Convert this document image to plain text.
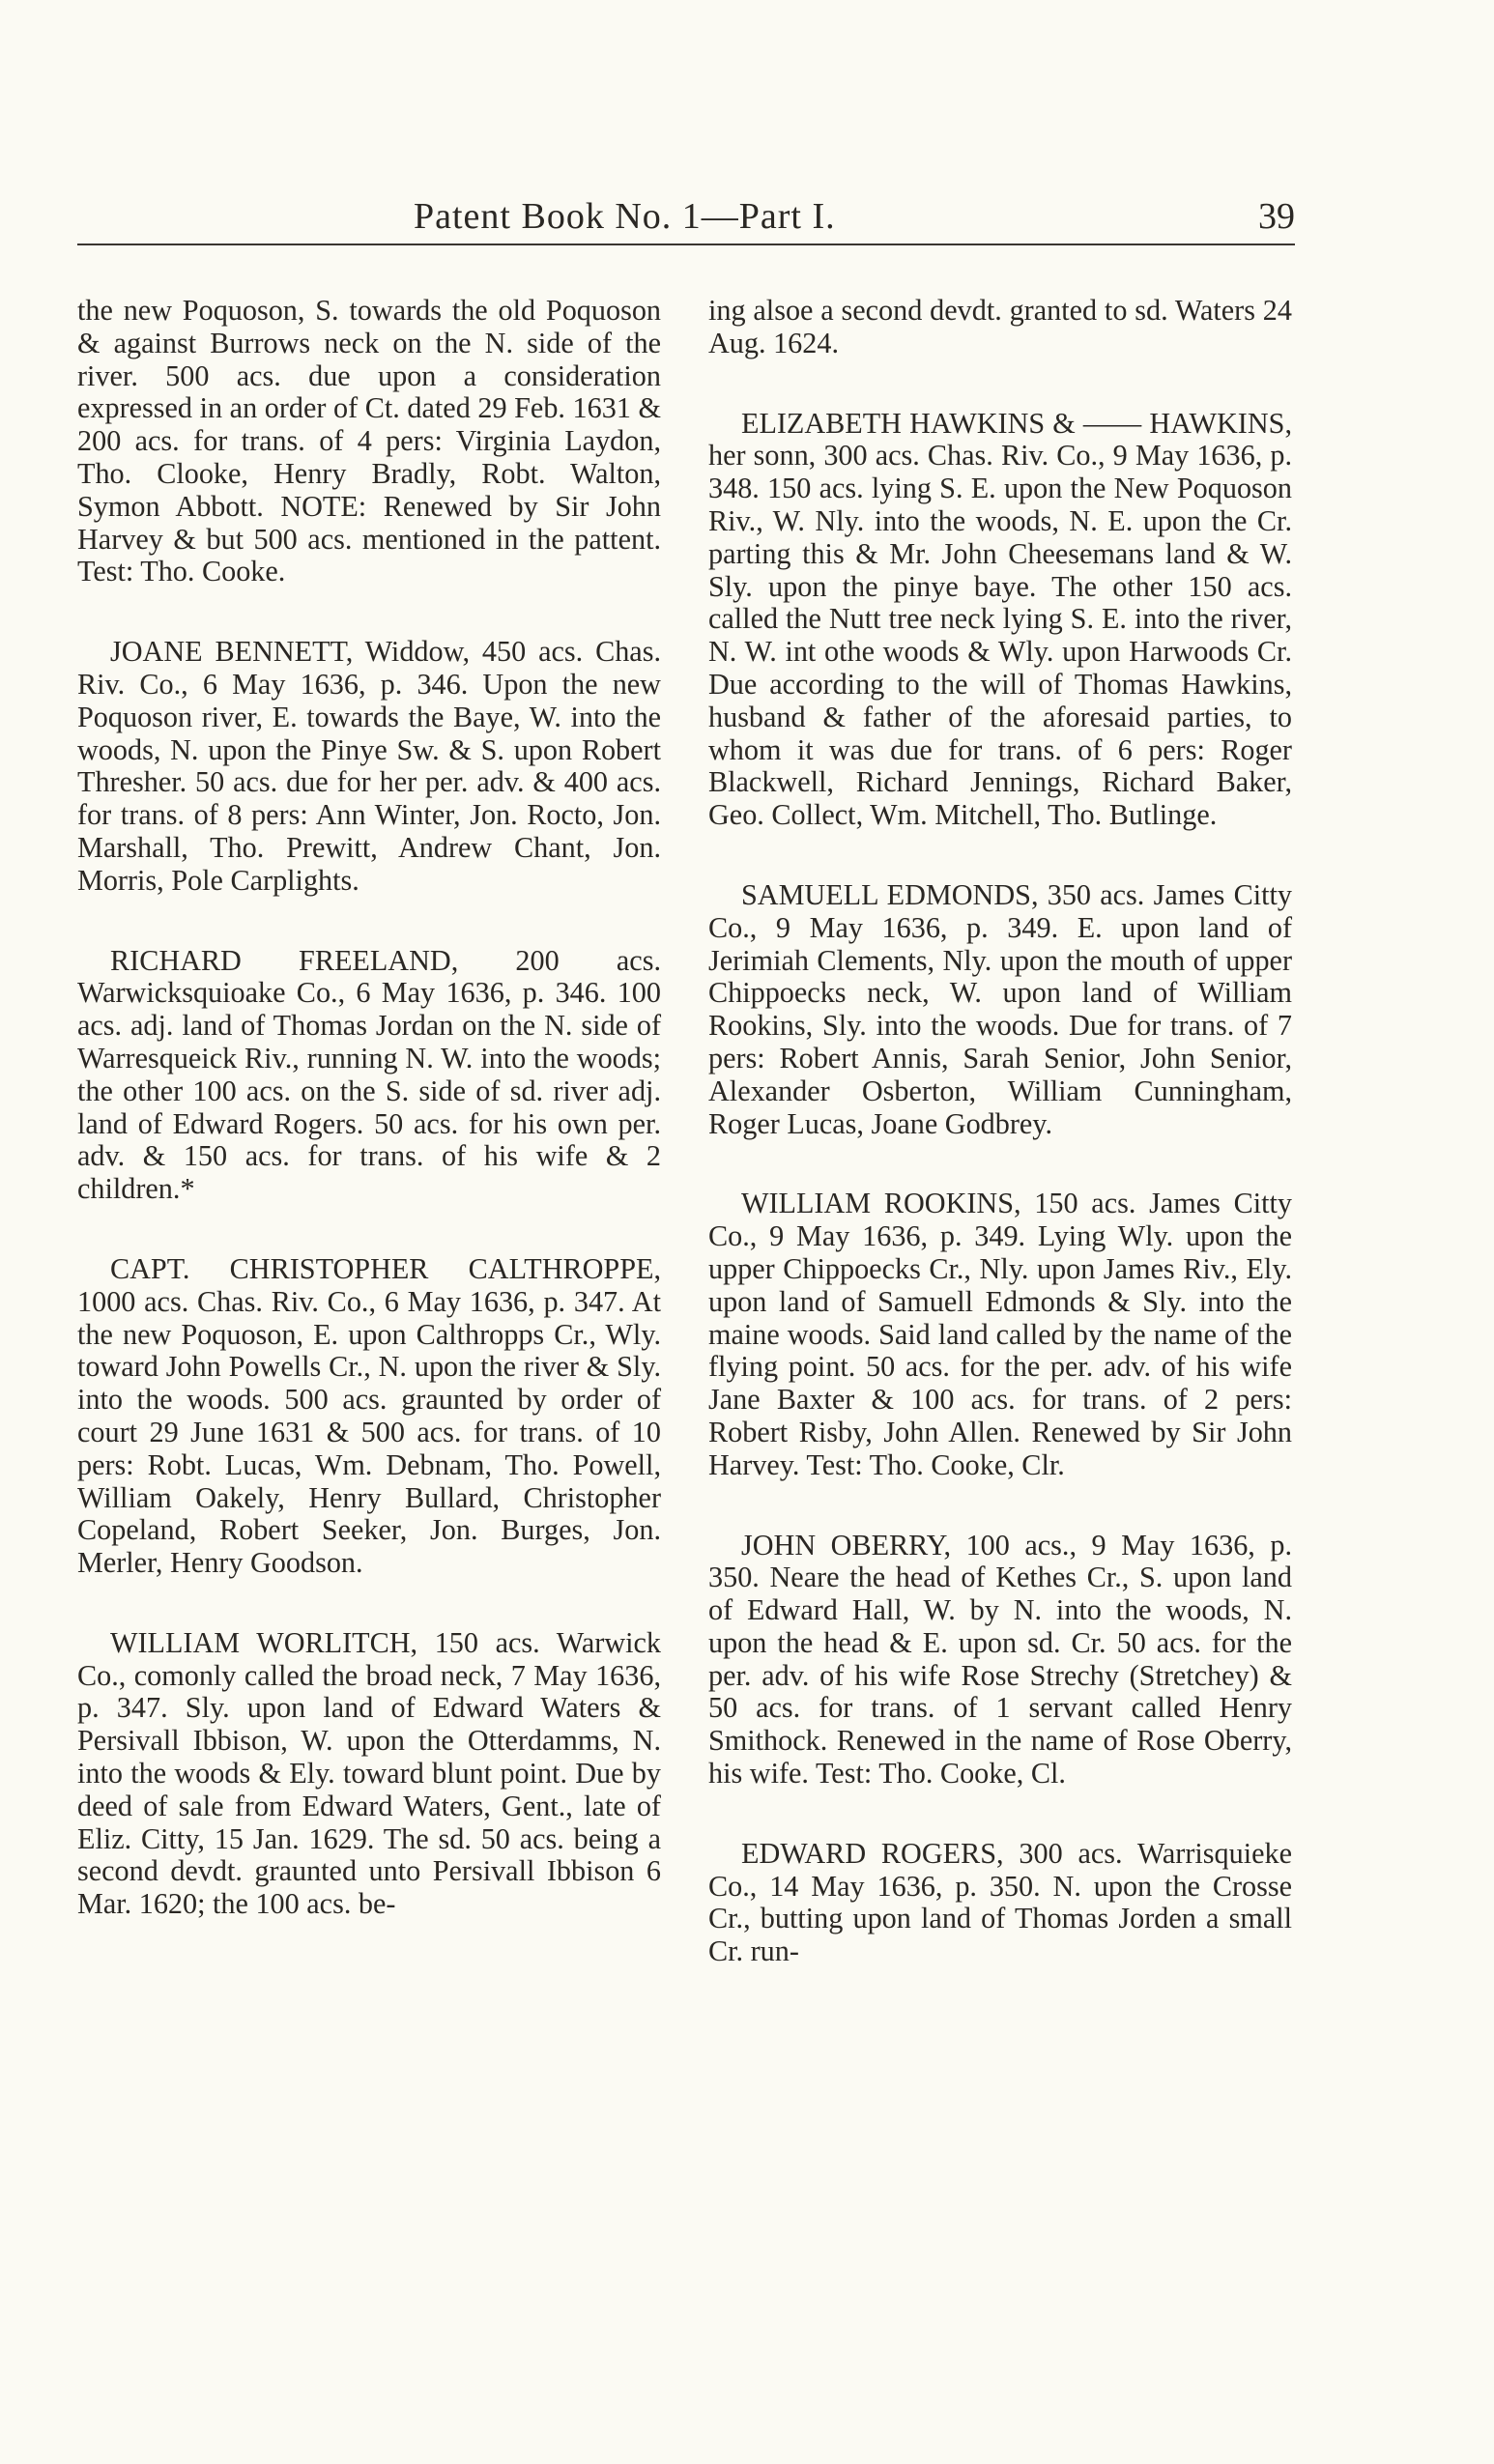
Patent Book No. 1—Part I.	39

the new Poquoson, S. towards the old Poquoson & against Burrows neck on the N. side of the river. 500 acs. due upon a consideration expressed in an order of Ct. dated 29 Feb. 1631 & 200 acs. for trans. of 4 pers: Virginia Laydon, Tho. Clooke, Henry Bradly, Robt. Walton, Symon Abbott. NOTE: Renewed by Sir John Harvey & but 500 acs. mentioned in the pattent. Test: Tho. Cooke.

JOANE BENNETT, Widdow, 450 acs. Chas. Riv. Co., 6 May 1636, p. 346. Upon the new Poquoson river, E. towards the Baye, W. into the woods, N. upon the Pinye Sw. & S. upon Robert Thresher. 50 acs. due for her per. adv. & 400 acs. for trans. of 8 pers: Ann Winter, Jon. Rocto, Jon. Marshall, Tho. Prewitt, Andrew Chant, Jon. Morris, Pole Carplights.

RICHARD FREELAND, 200 acs. Warwicksquioake Co., 6 May 1636, p. 346. 100 acs. adj. land of Thomas Jordan on the N. side of Warresqueick Riv., running N. W. into the woods; the other 100 acs. on the S. side of sd. river adj. land of Edward Rogers. 50 acs. for his own per. adv. & 150 acs. for trans. of his wife & 2 children.*

CAPT. CHRISTOPHER CALTHROPPE, 1000 acs. Chas. Riv. Co., 6 May 1636, p. 347. At the new Poquoson, E. upon Calthropps Cr., Wly. toward John Powells Cr., N. upon the river & Sly. into the woods. 500 acs. graunted by order of court 29 June 1631 & 500 acs. for trans. of 10 pers: Robt. Lucas, Wm. Debnam, Tho. Powell, William Oakely, Henry Bullard, Christopher Copeland, Robert Seeker, Jon. Burges, Jon. Merler, Henry Goodson.

WILLIAM WORLITCH, 150 acs. Warwick Co., comonly called the broad neck, 7 May 1636, p. 347. Sly. upon land of Edward Waters & Persivall Ibbison, W. upon the Otterdamms, N. into the woods & Ely. toward blunt point. Due by deed of sale from Edward Waters, Gent., late of Eliz. Citty, 15 Jan. 1629. The sd. 50 acs. being a second devdt. graunted unto Persivall Ibbison 6 Mar. 1620; the 100 acs. be-

ing alsoe a second devdt. granted to sd. Waters 24 Aug. 1624.

ELIZABETH HAWKINS & —— HAWKINS, her sonn, 300 acs. Chas. Riv. Co., 9 May 1636, p. 348. 150 acs. lying S. E. upon the New Poquoson Riv., W. Nly. into the woods, N. E. upon the Cr. parting this & Mr. John Cheesemans land & W. Sly. upon the pinye baye. The other 150 acs. called the Nutt tree neck lying S. E. into the river, N. W. int othe woods & Wly. upon Harwoods Cr. Due according to the will of Thomas Hawkins, husband & father of the aforesaid parties, to whom it was due for trans. of 6 pers: Roger Blackwell, Richard Jennings, Richard Baker, Geo. Collect, Wm. Mitchell, Tho. Butlinge.

SAMUELL EDMONDS, 350 acs. James Citty Co., 9 May 1636, p. 349. E. upon land of Jerimiah Clements, Nly. upon the mouth of upper Chippoecks neck, W. upon land of William Rookins, Sly. into the woods. Due for trans. of 7 pers: Robert Annis, Sarah Senior, John Senior, Alexander Osberton, William Cunningham, Roger Lucas, Joane Godbrey.

WILLIAM ROOKINS, 150 acs. James Citty Co., 9 May 1636, p. 349. Lying Wly. upon the upper Chippoecks Cr., Nly. upon James Riv., Ely. upon land of Samuell Edmonds & Sly. into the maine woods. Said land called by the name of the flying point. 50 acs. for the per. adv. of his wife Jane Baxter & 100 acs. for trans. of 2 pers: Robert Risby, John Allen. Renewed by Sir John Harvey. Test: Tho. Cooke, Clr.

JOHN OBERRY, 100 acs., 9 May 1636, p. 350. Neare the head of Kethes Cr., S. upon land of Edward Hall, W. by N. into the woods, N. upon the head & E. upon sd. Cr. 50 acs. for the per. adv. of his wife Rose Strechy (Stretchey) & 50 acs. for trans. of 1 servant called Henry Smithock. Renewed in the name of Rose Oberry, his wife. Test: Tho. Cooke, Cl.

EDWARD ROGERS, 300 acs. Warrisquieke Co., 14 May 1636, p. 350. N. upon the Crosse Cr., butting upon land of Thomas Jorden a small Cr. run-
